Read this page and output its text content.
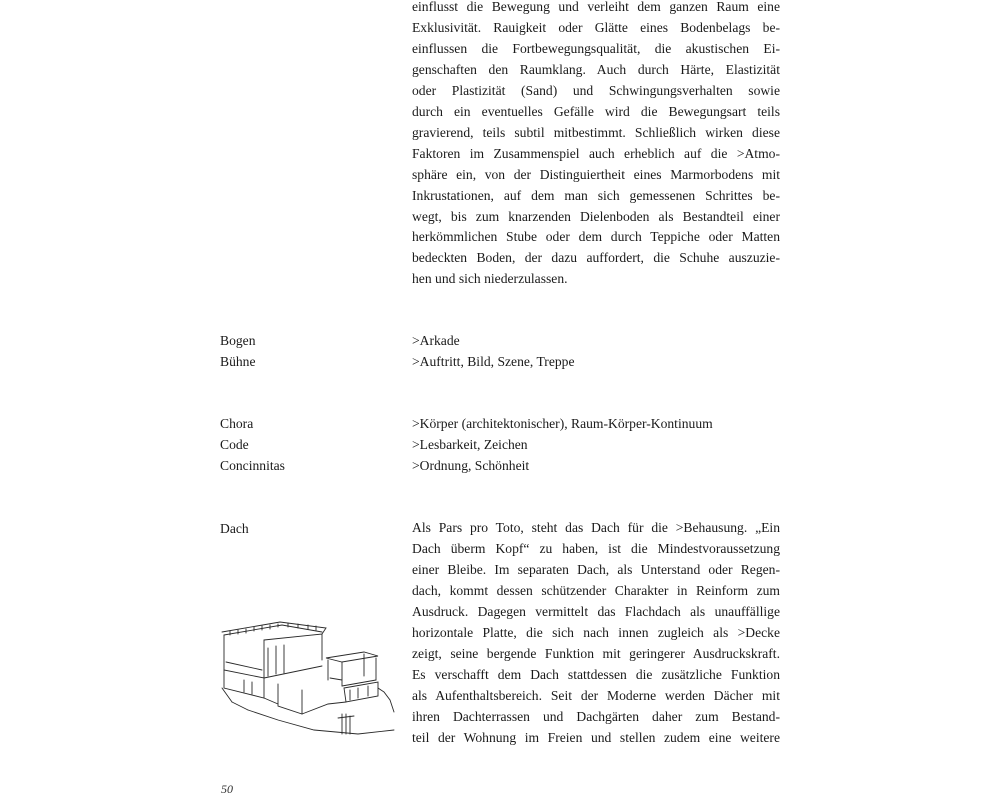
einflusst die Bewegung und verleiht dem ganzen Raum eine
Exklusivität. Rauigkeit oder Glätte eines Bodenbelags be-
einflussen die Fortbewegungsqualität, die akustischen Ei-
genschaften den Raumklang. Auch durch Härte, Elastizität
oder Plastizität (Sand) und Schwingungsverhalten sowie
durch ein eventuelles Gefälle wird die Bewegungsart teils
gravierend, teils subtil mitbestimmt. Schließlich wirken diese
Faktoren im Zusammenspiel auch erheblich auf die >Atmo-
sphäre ein, von der Distinguiertheit eines Marmorbodens mit
Inkrustationen, auf dem man sich gemessenen Schrittes be-
wegt, bis zum knarzenden Dielenboden als Bestandteil einer
herkömmlichen Stube oder dem durch Teppiche oder Matten
bedeckten Boden, der dazu auffordert, die Schuhe auszuzie-
hen und sich niederzulassen.
Bogen	>Arkade
Bühne	>Auftritt, Bild, Szene, Treppe
Chora	>Körper (architektonischer), Raum-Körper-Kontinuum
Code	>Lesbarkeit, Zeichen
Concinnitas	>Ordnung, Schönheit
Dach	Als Pars pro Toto, steht das Dach für die >Behausung. „Ein
Dach überm Kopf“ zu haben, ist die Mindestvoraussetzung
einer Bleibe. Im separaten Dach, als Unterstand oder Regen-
dach, kommt dessen schützender Charakter in Reinform zum
Ausdruck. Dagegen vermittelt das Flachdach als unauffällige
horizontale Platte, die sich nach innen zugleich als >Decke
zeigt, seine bergende Funktion mit geringerer Ausdruckskraft.
Es verschafft dem Dach stattdessen die zusätzliche Funktion
als Aufenthaltsbereich. Seit der Moderne werden Dächer mit
ihren Dachterrassen und Dachgärten daher zum Bestand-
teil der Wohnung im Freien und stellen zudem eine weitere
50
